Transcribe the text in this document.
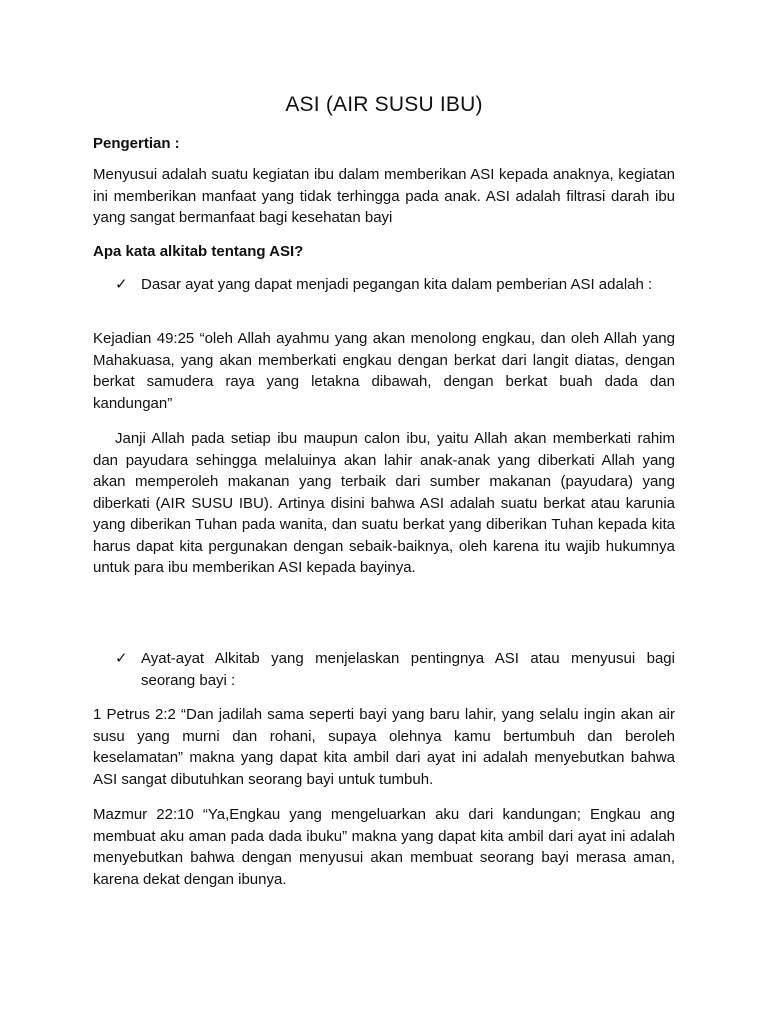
ASI (AIR SUSU IBU)
Pengertian :

Menyusui adalah suatu kegiatan ibu dalam memberikan ASI kepada anaknya, kegiatan ini memberikan manfaat yang tidak terhingga pada anak. ASI adalah filtrasi darah ibu yang sangat bermanfaat bagi kesehatan bayi

Apa kata alkitab tentang ASI?
✓ Dasar ayat yang dapat menjadi pegangan kita dalam pemberian ASI adalah :

Kejadian 49:25 “oleh Allah ayahmu yang akan menolong engkau, dan oleh Allah yang Mahakuasa, yang akan memberkati engkau dengan berkat dari langit diatas, dengan berkat samudera raya yang letakna dibawah, dengan berkat buah dada dan kandungan”

Janji Allah pada setiap ibu maupun calon ibu, yaitu Allah akan memberkati rahim dan payudara sehingga melaluinya akan lahir anak-anak yang diberkati Allah yang akan memperoleh makanan yang terbaik dari sumber makanan (payudara) yang diberkati (AIR SUSU IBU). Artinya disini bahwa ASI adalah suatu berkat atau karunia yang diberikan Tuhan pada wanita, dan suatu berkat yang diberikan Tuhan kepada kita harus dapat kita pergunakan dengan sebaik-baiknya, oleh karena itu wajib hukumnya untuk para ibu memberikan ASI kepada bayinya.

✓ Ayat-ayat Alkitab yang menjelaskan pentingnya ASI atau menyusui bagi seorang bayi :

1 Petrus 2:2 “Dan jadilah sama seperti bayi yang baru lahir, yang selalu ingin akan air susu yang murni dan rohani, supaya olehnya kamu bertumbuh dan beroleh keselamatan” makna yang dapat kita ambil dari ayat ini adalah menyebutkan bahwa ASI sangat dibutuhkan seorang bayi untuk tumbuh.

Mazmur 22:10 “Ya,Engkau yang mengeluarkan aku dari kandungan; Engkau ang membuat aku aman pada dada ibuku” makna yang dapat kita ambil dari ayat ini adalah menyebutkan bahwa dengan menyusui akan membuat seorang bayi merasa aman, karena dekat dengan ibunya.
